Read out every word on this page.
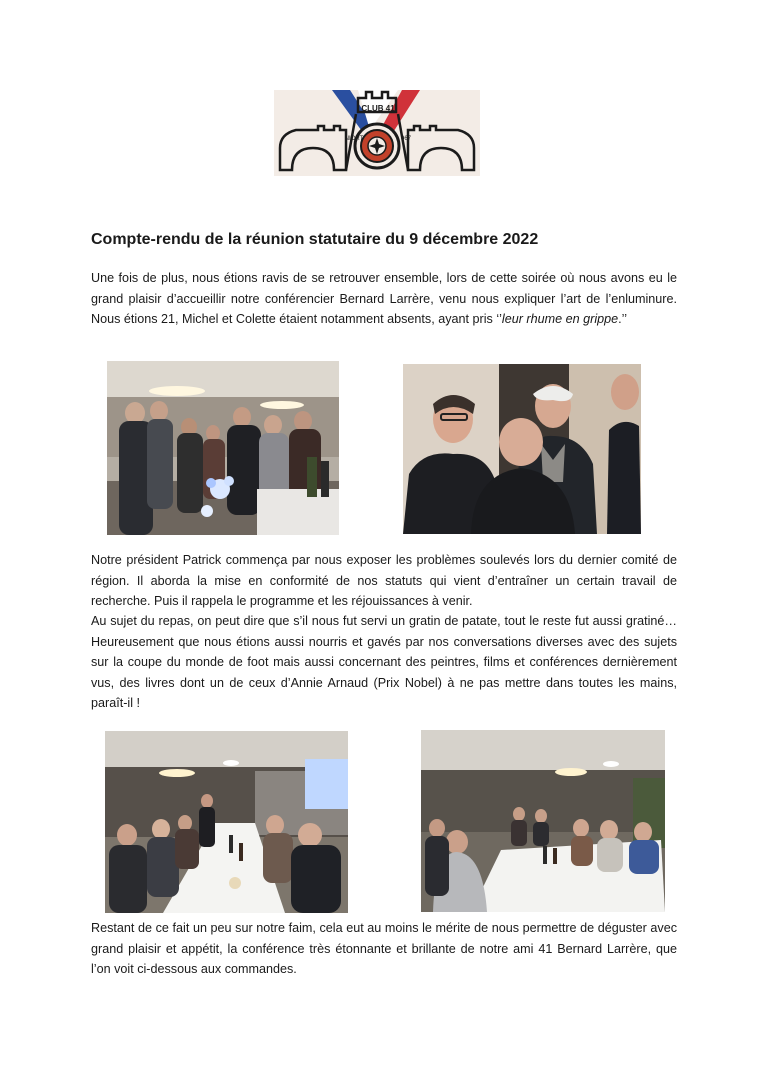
CLUB 41
NIORT	067
Compte-rendu de la réunion statutaire du 9 décembre 2022

Une fois de plus, nous étions ravis de se retrouver ensemble, lors de cette soirée où nous avons eu le grand plaisir d’accueillir notre conférencier Bernard Larrère, venu nous expliquer l’art de l’enluminure. Nous étions 21, Michel et Colette étaient notamment absents, ayant pris ‘’leur rhume en grippe.’’

Notre président Patrick commença par nous exposer les problèmes soulevés lors du dernier comité de région. Il aborda la mise en conformité de nos statuts qui vient d’entraîner un certain travail de recherche. Puis il rappela le programme et les réjouissances à venir.

Au sujet du repas, on peut dire que s’il nous fut servi un gratin de patate, tout le reste fut aussi gratiné… Heureusement que nous étions aussi nourris et gavés par nos conversations diverses avec des sujets sur la coupe du monde de foot mais aussi concernant des peintres, films et conférences dernièrement vus, des livres dont un de ceux d’Annie Arnaud (Prix Nobel) à ne pas mettre dans toutes les mains, paraît-il !

Restant de ce fait un peu sur notre faim, cela eut au moins le mérite de nous permettre de déguster avec grand plaisir et appétit, la conférence très étonnante et brillante de notre ami 41 Bernard Larrère, que l’on voit ci-dessous aux commandes.
